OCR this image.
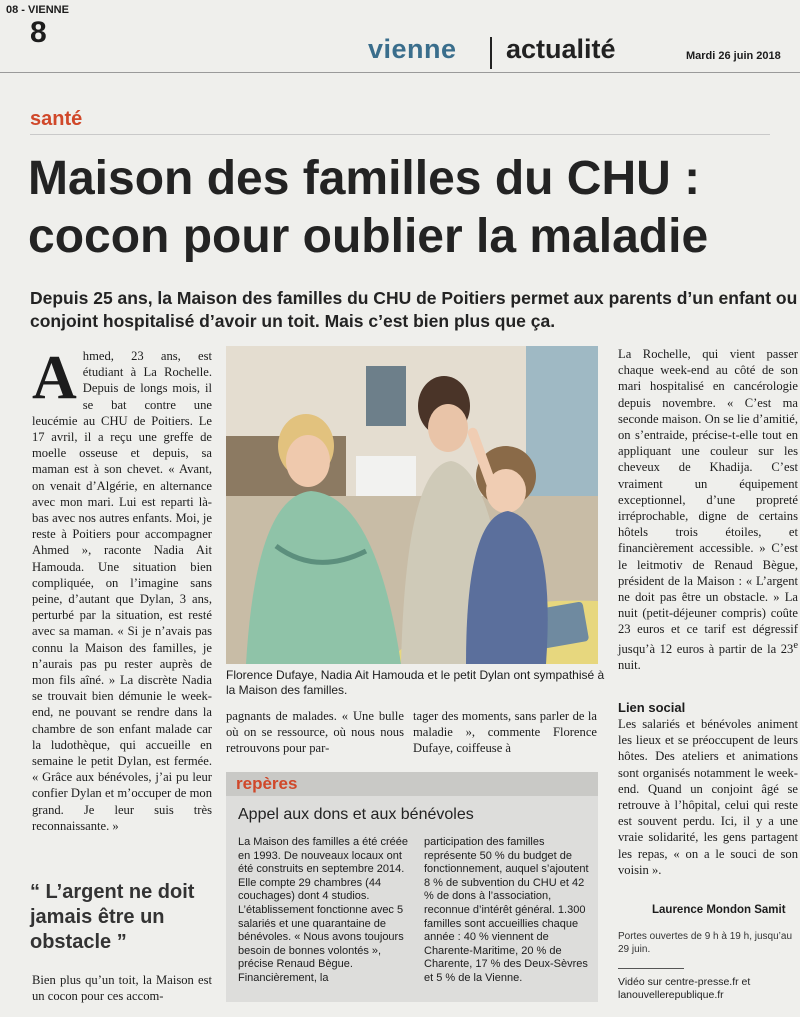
08 - VIENNE
8	vienne actualité	Mardi 26 juin 2018
santé
Maison des familles du CHU : cocon pour oublier la maladie
Depuis 25 ans, la Maison des familles du CHU de Poitiers permet aux parents d’un enfant ou conjoint hospitalisé d’avoir un toit. Mais c’est bien plus que ça.
Ahmed, 23 ans, est étudiant à La Rochelle. Depuis de longs mois, il se bat contre une leucémie au CHU de Poitiers. Le 17 avril, il a reçu une greffe de moelle osseuse et depuis, sa maman est à son chevet. « Avant, on venait d’Algérie, en alternance avec mon mari. Lui est reparti là-bas avec nos autres enfants. Moi, je reste à Poitiers pour accompagner Ahmed », raconte Nadia Ait Hamouda. Une situation bien compliquée, on l’imagine sans peine, d’autant que Dylan, 3 ans, perturbé par la situation, est resté avec sa maman. « Si je n’avais pas connu la Maison des familles, je n’aurais pas pu rester auprès de mon fils aîné. » La discrète Nadia se trouvait bien démunie le week-end, ne pouvant se rendre dans la chambre de son enfant malade car la ludothèque, qui accueille en semaine le petit Dylan, est fermée. « Grâce aux bénévoles, j’ai pu leur confier Dylan et m’occuper de mon grand. Je leur suis très reconnaissante. »
“ L’argent ne doit jamais être un obstacle ”
Bien plus qu’un toit, la Maison est un cocon pour ces accom-
Florence Dufaye, Nadia Ait Hamouda et le petit Dylan ont sympathisé à la Maison des familles.
pagnants de malades. « Une bulle où on se ressource, où nous nous retrouvons pour par-
tager des moments, sans parler de la maladie », commente Florence Dufaye, coiffeuse à
repères
Appel aux dons et aux bénévoles
La Maison des familles a été créée en 1993. De nouveaux locaux ont été construits en septembre 2014. Elle compte 29 chambres (44 couchages) dont 4 studios. L’établissement fonctionne avec 5 salariés et une quarantaine de bénévoles. « Nous avons toujours besoin de bonnes volontés », précise Renaud Bègue. Financièrement, la
participation des familles représente 50 % du budget de fonctionnement, auquel s’ajoutent 8 % de subvention du CHU et 42 % de dons à l’association, reconnue d’intérêt général. 1.300 familles sont accueillies chaque année : 40 % viennent de Charente-Maritime, 20 % de Charente, 17 % des Deux-Sèvres et 5 % de la Vienne.
La Rochelle, qui vient passer chaque week-end au côté de son mari hospitalisé en cancérologie depuis novembre. « C’est ma seconde maison. On se lie d’amitié, on s’entraide, précise-t-elle tout en appliquant une couleur sur les cheveux de Khadija. C’est vraiment un équipement exceptionnel, d’une propreté irréprochable, digne de certains hôtels trois étoiles, et financièrement accessible. » C’est le leitmotiv de Renaud Bègue, président de la Maison : « L’argent ne doit pas être un obstacle. » La nuit (petit-déjeuner compris) coûte 23 euros et ce tarif est dégressif jusqu’à 12 euros à partir de la 23e nuit.
Lien social
Les salariés et bénévoles animent les lieux et se préoccupent de leurs hôtes. Des ateliers et animations sont organisés notamment le week-end. Quand un conjoint âgé se retrouve à l’hôpital, celui qui reste est souvent perdu. Ici, il y a une vraie solidarité, les gens partagent les repas, « on a le souci de son voisin ».
Laurence Mondon Samit
Portes ouvertes de 9 h à 19 h, jusqu’au 29 juin.
Vidéo sur centre-presse.fr et lanouvellerepublique.fr
